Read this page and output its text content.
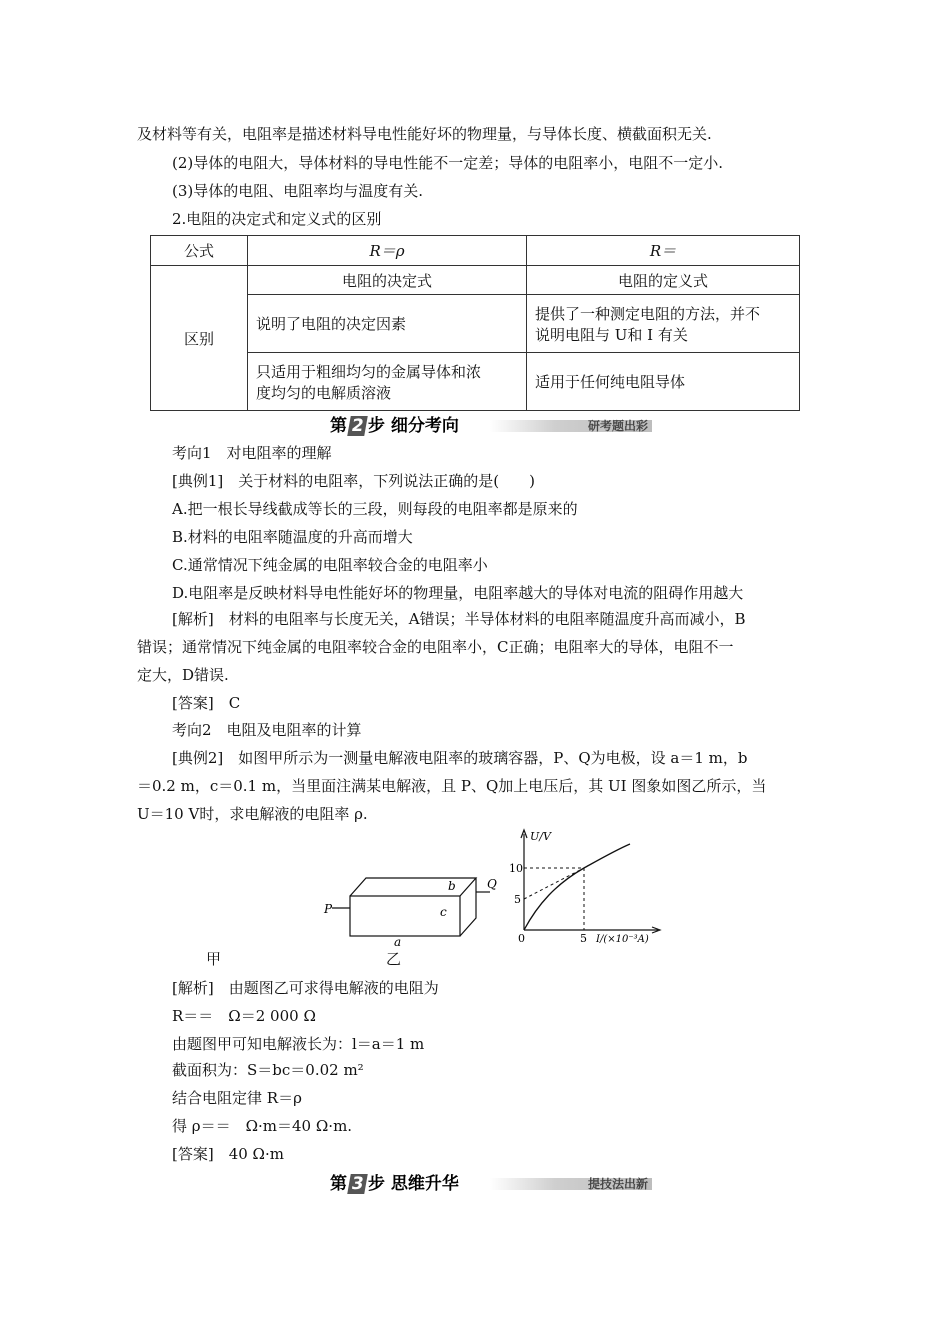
及材料等有关，电阻率是描述材料导电性能好坏的物理量，与导体长度、横截面积无关.
(2)导体的电阻大，导体材料的导电性能不一定差；导体的电阻率小，电阻不一定小.
(3)导体的电阻、电阻率均与温度有关.
2.电阻的决定式和定义式的区别
公式	R＝ρ	R＝
区别	电阻的决定式	电阻的定义式
	说明了电阻的决定因素	提供了一种测定电阻的方法，并不
说明电阻与 U和 I 有关

	只适用于粗细均匀的金属导体和浓
度均匀的电解质溶液	适用于任何纯电阻导体
第 2 步 细分考向	研考题出彩
考向1　对电阻率的理解
[典例1]　关于材料的电阻率，下列说法正确的是(　　)
A.把一根长导线截成等长的三段，则每段的电阻率都是原来的
B.材料的电阻率随温度的升高而增大
C.通常情况下纯金属的电阻率较合金的电阻率小
D.电阻率是反映材料导电性能好坏的物理量，电阻率越大的导体对电流的阻碍作用越大
[解析]　材料的电阻率与长度无关，A错误；半导体材料的电阻率随温度升高而减小，B
错误；通常情况下纯金属的电阻率较合金的电阻率小，C正确；电阻率大的导体，电阻不一
定大，D错误.
[答案]　C
考向2　电阻及电阻率的计算
[典例2]　如图甲所示为一测量电解液电阻率的玻璃容器，P、Q为电极，设 a＝1 m，b
＝0.2 m，c＝0.1 m，当里面注满某电解液，且 P、Q加上电压后，其 UI 图象如图乙所示，当
U＝10 V时，求电解液的电阻率 ρ.
P
Q
a
b
c
U/V
10
5
0	5 I/(×10⁻³A)
甲	乙
[解析]　由题图乙可求得电解液的电阻为
R＝＝　Ω＝2 000 Ω
由题图甲可知电解液长为：l＝a＝1 m
截面积为：S＝bc＝0.02 m²
结合电阻定律 R＝ρ
得 ρ＝＝　Ω·m＝40 Ω·m.
[答案]　40 Ω·m
第 3 步 思维升华	提技法出新
